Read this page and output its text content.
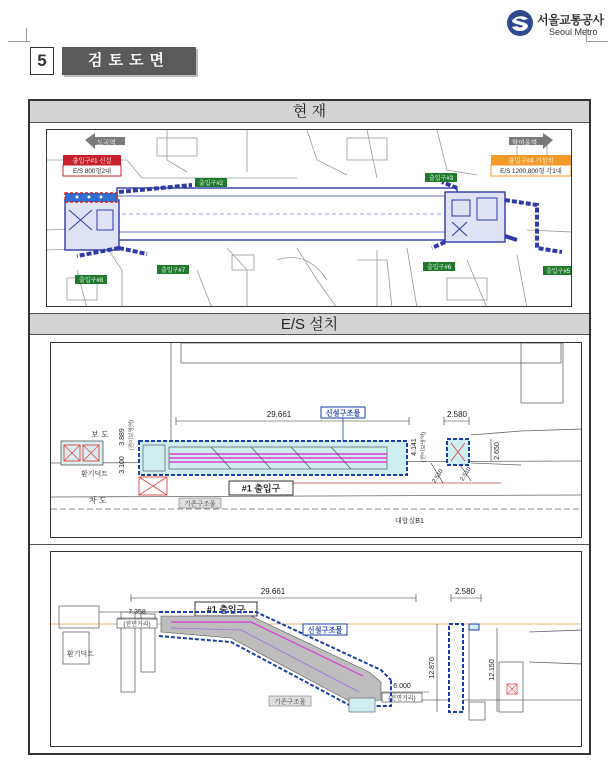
서울교통공사
Seoul Metro
5	검토도면
현 재
도곡역	학여울역
출입구#1 신설
E/S 800형2대
출입구#4 기설치
E/S 1200,800형 각1대
출입구#2
출입구#3
출입구#5
출입구#6
출입구#7
출입구#8
E/S 설치
29.661	2.580
3.889
3.100
(전이보영역)	4.141 (전이보영역)	2.650
2.510 2.510
신설구조물
보 도
환기덕트
차 도
#1 출입구
기존구조물
대합실B1
29.661	2.580
7.358
(전면거리)
6.000
(전면거리)
12.870	12.150
#1 출입구
신설구조물
기존구조물
환기덕트
